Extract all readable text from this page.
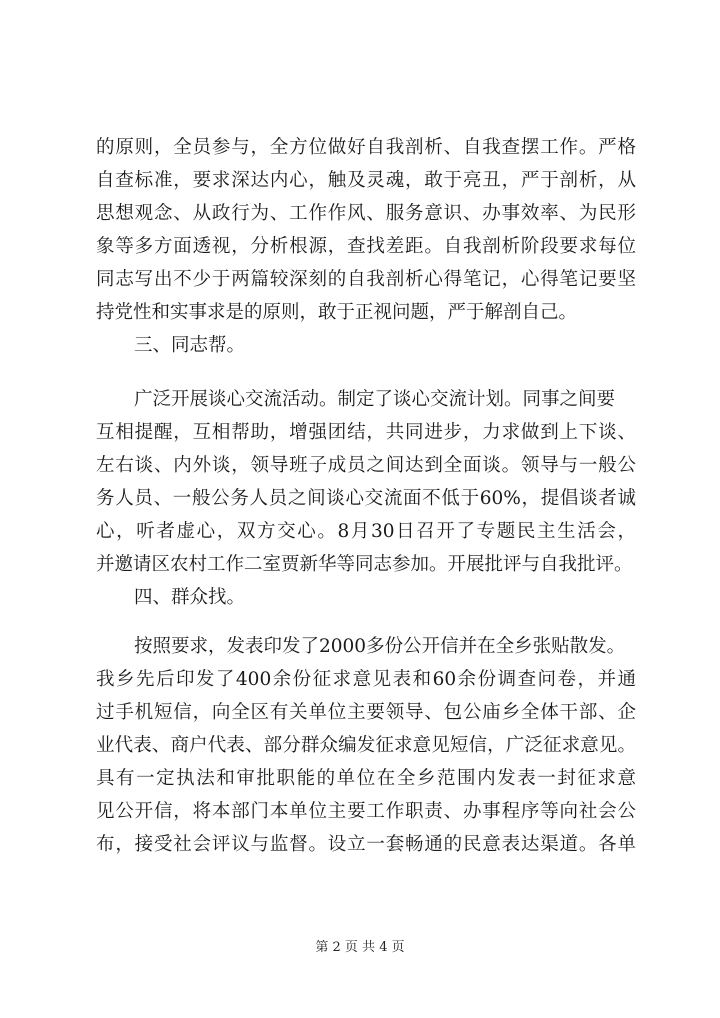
的原则，全员参与，全方位做好自我剖析、自我查摆工作。严格
自查标准，要求深达内心，触及灵魂，敢于亮丑，严于剖析，从
思想观念、从政行为、工作作风、服务意识、办事效率、为民形
象等多方面透视，分析根源，查找差距。自我剖析阶段要求每位
同志写出不少于两篇较深刻的自我剖析心得笔记，心得笔记要坚
持党性和实事求是的原则，敢于正视问题，严于解剖自己。
三、同志帮。
广泛开展谈心交流活动。制定了谈心交流计划。同事之间要
互相提醒，互相帮助，增强团结，共同进步，力求做到上下谈、
左右谈、内外谈，领导班子成员之间达到全面谈。领导与一般公
务人员、一般公务人员之间谈心交流面不低于60%，提倡谈者诚
心，听者虚心，双方交心。8月30日召开了专题民主生活会，
并邀请区农村工作二室贾新华等同志参加。开展批评与自我批评。
四、群众找。
按照要求，发表印发了2000多份公开信并在全乡张贴散发。
我乡先后印发了400余份征求意见表和60余份调查问卷，并通
过手机短信，向全区有关单位主要领导、包公庙乡全体干部、企
业代表、商户代表、部分群众编发征求意见短信，广泛征求意见。
具有一定执法和审批职能的单位在全乡范围内发表一封征求意
见公开信，将本部门本单位主要工作职责、办事程序等向社会公
布，接受社会评议与监督。设立一套畅通的民意表达渠道。各单
第 2 页 共 4 页
